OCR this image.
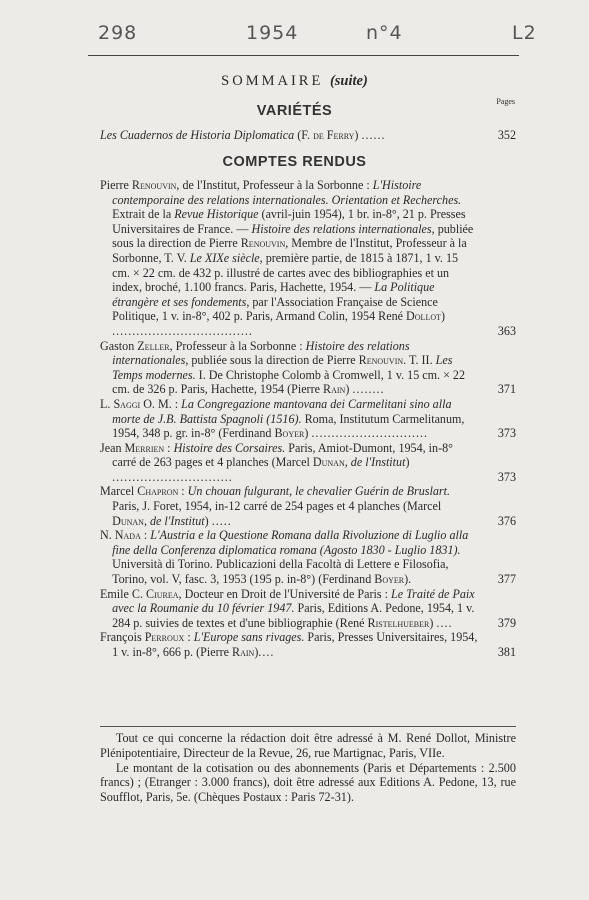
298	1954	n°4	L2
SOMMAIRE (suite)
Pages
VARIÉTÉS

Les Cuadernos de Historia Diplomatica (F. de Ferry) ......	352
COMPTES RENDUS

Pierre Renouvin, de l'Institut, Professeur à la Sorbonne : L'Histoire contemporaine des relations internationales. Orientation et Recherches. Extrait de la Revue Historique (avril-juin 1954), 1 br. in-8°, 21 p. Presses Universitaires de France. — Histoire des relations internationales, publiée sous la direction de Pierre Renouvin, Membre de l'Institut, Professeur à la Sorbonne, T. V. Le XIXe siècle, première partie, de 1815 à 1871, 1 v. 15 cm. × 22 cm. de 432 p. illustré de cartes avec des bibliographies et un index, broché, 1.100 francs. Paris, Hachette, 1954. — La Politique étrangère et ses fondements, par l'Association Française de Science Politique, 1 v. in-8°, 402 p. Paris, Armand Colin, 1954 René Dollot) ...................................	363

Gaston Zeller, Professeur à la Sorbonne : Histoire des relations internationales, publiée sous la direction de Pierre Renouvin. T. II. Les Temps modernes. I. De Christophe Colomb à Cromwell, 1 v. 15 cm. × 22 cm. de 326 p. Paris, Hachette, 1954 (Pierre Rain) ........	371

L. Saggi O. M. : La Congregazione mantovana dei Carmelitani sino alla morte de J.B. Battista Spagnoli (1516). Roma, Institutum Carmelitanum, 1954, 348 p. gr. in-8° (Ferdinand Boyer) .............................	373

Jean Merrien : Histoire des Corsaires. Paris, Amiot-Dumont, 1954, in-8° carré de 263 pages et 4 planches (Marcel Dunan, de l'Institut) ..............................	373

Marcel Chapron : Un chouan fulgurant, le chevalier Guérin de Bruslart. Paris, J. Foret, 1954, in-12 carré de 254 pages et 4 planches (Marcel Dunan, de l'Institut) .....	376

N. Nada : L'Austria e la Questione Romana dalla Rivoluzione di Luglio alla fine della Conferenza diplomatica romana (Agosto 1830 - Luglio 1831). Università di Torino. Publicazioni della Facoltà di Lettere e Filosofia, Torino, vol. V, fasc. 3, 1953 (195 p. in-8°) (Ferdinand Boyer).	377

Emile C. Ciurea, Docteur en Droit de l'Université de Paris : Le Traité de Paix avec la Roumanie du 10 février 1947. Paris, Editions A. Pedone, 1954, 1 v. 284 p. suivies de textes et d'une bibliographie (René Ristelhueber) ....	379

François Perroux : L'Europe sans rivages. Paris, Presses Universitaires, 1954, 1 v. in-8°, 666 p. (Pierre Rain)....	381

Tout ce qui concerne la rédaction doit être adressé à M. René Dollot, Ministre Plénipotentiaire, Directeur de la Revue, 26, rue Martignac, Paris, VIIe.

Le montant de la cotisation ou des abonnements (Paris et Départements : 2.500 francs) ; (Etranger : 3.000 francs), doit être adressé aux Editions A. Pedone, 13, rue Soufflot, Paris, 5e. (Chèques Postaux : Paris 72-31).
